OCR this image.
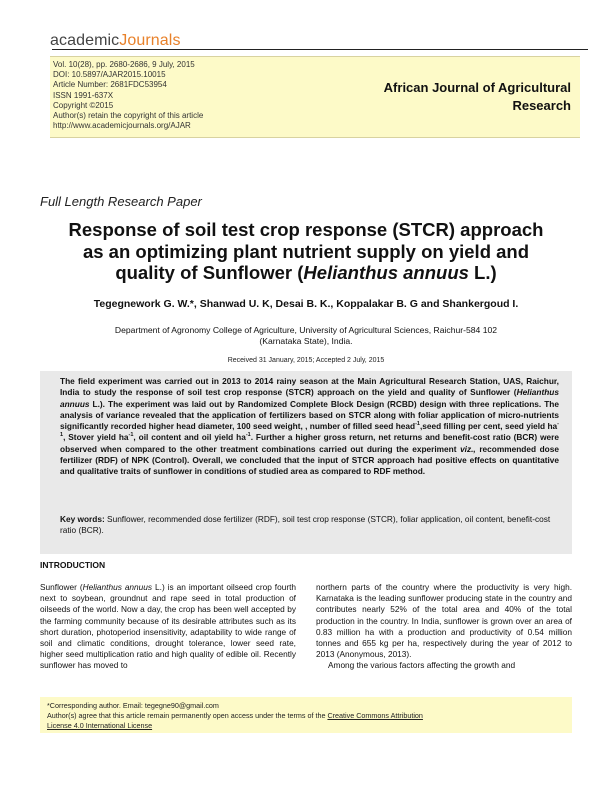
academicJournals
Vol. 10(28), pp. 2680-2686, 9 July, 2015
DOI: 10.5897/AJAR2015.10015
Article Number: 2681FDC53954
ISSN 1991-637X
Copyright ©2015
Author(s) retain the copyright of this article
http://www.academicjournals.org/AJAR
African Journal of Agricultural
Research
Full Length Research Paper
Response of soil test crop response (STCR) approach
as an optimizing plant nutrient supply on yield and
quality of Sunflower (Helianthus annuus L.)
Tegegnework G. W.*, Shanwad U. K, Desai B. K., Koppalakar B. G and Shankergoud I.
Department of Agronomy College of Agriculture, University of Agricultural Sciences, Raichur-584 102
(Karnataka State), India.
Received 31 January, 2015; Accepted 2 July, 2015
The field experiment was carried out in 2013 to 2014 rainy season at the Main Agricultural Research Station, UAS, Raichur, India to study the response of soil test crop response (STCR) approach on the yield and quality of Sunflower (Helianthus annuus L.). The experiment was laid out by Randomized Complete Block Design (RCBD) design with three replications. The analysis of variance revealed that the application of fertilizers based on STCR along with foliar application of micro-nutrients significantly recorded higher head diameter, 100 seed weight, , number of filled seed head$^{-1}$,seed filling per cent, seed yield $ha^{-1}$, Stover yield $ha^{-1}$, oil content and oil yield $ha^{-1}$. Further a higher gross return, net returns and benefit-cost ratio (BCR) were observed when compared to the other treatment combinations carried out during the experiment viz., recommended dose fertilizer (RDF) of NPK (Control). Overall, we concluded that the input of STCR approach had positive effects on quantitative and qualitative traits of sunflower in conditions of studied area as compared to RDF method.
Key words: Sunflower, recommended dose fertilizer (RDF), soil test crop response (STCR), foliar application, oil content, benefit-cost ratio (BCR).
INTRODUCTION
Sunflower (Helianthus annuus L.) is an important oilseed crop fourth next to soybean, groundnut and rape seed in total production of oilseeds of the world. Now a day, the crop has been well accepted by the farming community because of its desirable attributes such as its short duration, photoperiod insensitivity, adaptability to wide range of soil and climatic conditions, drought tolerance, lower seed rate, higher seed multiplication ratio and high quality of edible oil. Recently sunflower has moved to
northern parts of the country where the productivity is very high. Karnataka is the leading sunflower producing state in the country and contributes nearly 52% of the total area and 40% of the total production in the country. In India, sunflower is grown over an area of 0.83 million ha with a production and productivity of 0.54 million tonnes and 655 kg per ha, respectively during the year of 2012 to 2013 (Anonymous, 2013).
Among the various factors affecting the growth and
*Corresponding author. Email: tegegne90@gmail.com
Author(s) agree that this article remain permanently open access under the terms of the Creative Commons Attribution
License 4.0 International License
